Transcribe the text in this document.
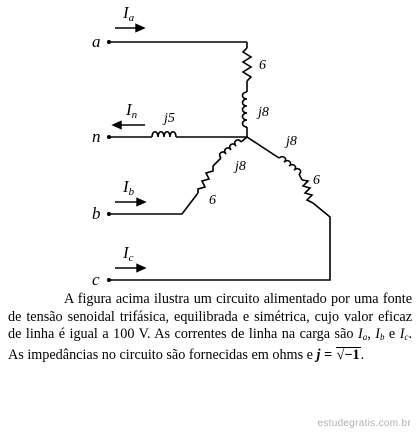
a
n
b
c
Ia
In
Ib
Ic
6
j8
j5
j8
6
j8
6
A figura acima ilustra um circuito alimentado por uma fonte de tensão senoidal trifásica, equilibrada e simétrica, cujo valor eficaz de linha é igual a 100 V. As correntes de linha na carga são $I_a$, $I_b$ e $I_c$. As impedâncias no circuito são fornecidas em ohms e j = √−1.
estudegratis.com.br
